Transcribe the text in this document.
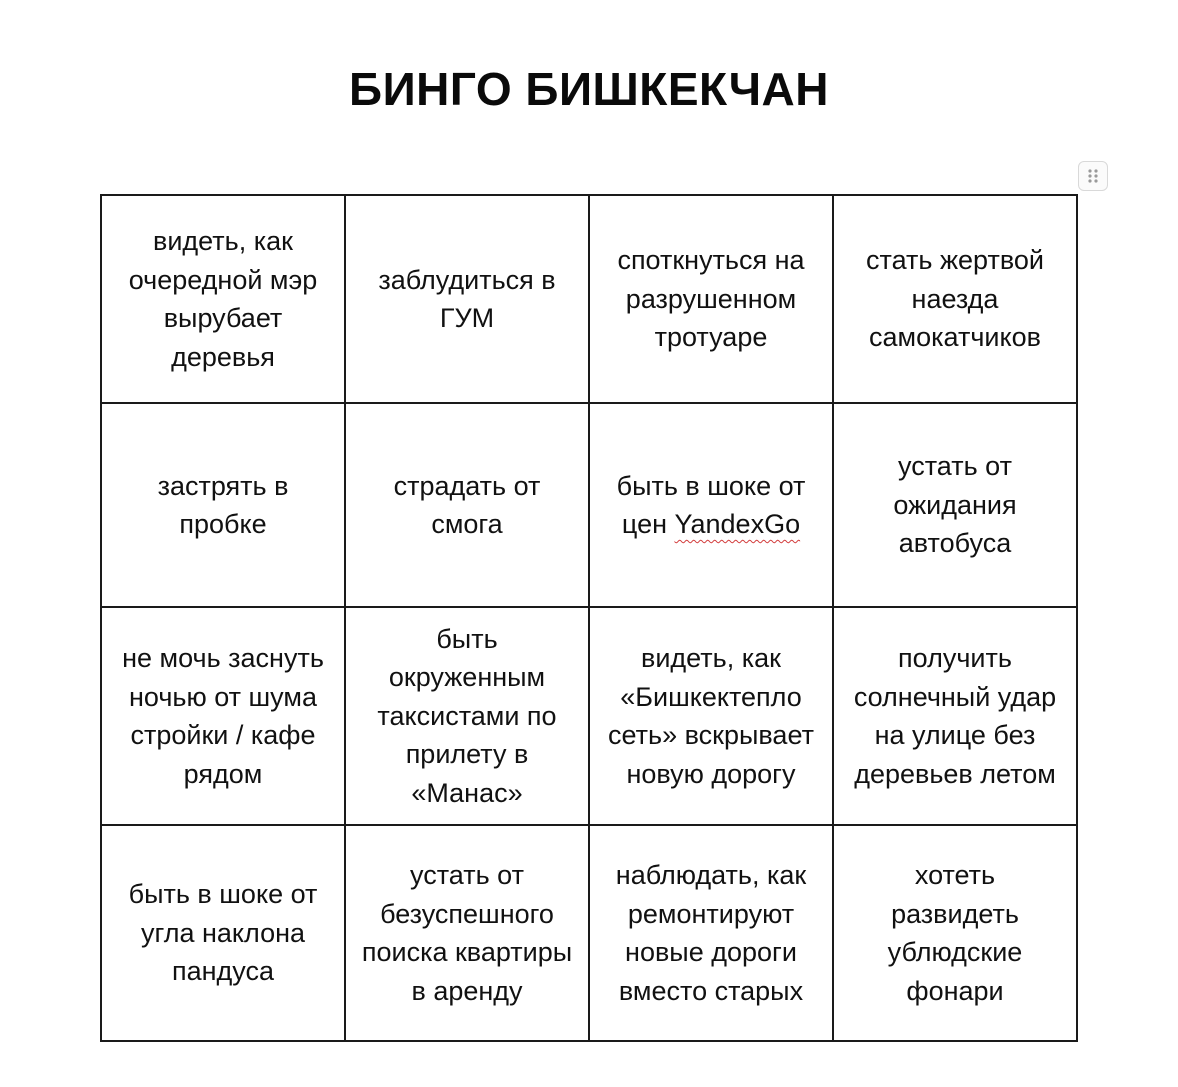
БИНГО БИШКЕКЧАН
видеть, как очередной мэр вырубает деревья
заблудиться в ГУМ
споткнуться на разрушенном тротуаре
стать жертвой наезда самокатчиков
застрять в пробке
страдать от смога
быть в шоке от цен YandexGo
устать от ожидания автобуса
не мочь заснуть ночью от шума стройки / кафе рядом
быть окруженным таксистами по прилету в «Манас»
видеть, как «Бишкектепло сеть» вскрывает новую дорогу
получить солнечный удар на улице без деревьев летом
быть в шоке от угла наклона пандуса
устать от безуспешного поиска квартиры в аренду
наблюдать, как ремонтируют новые дороги вместо старых
хотеть развидеть ублюдские фонари
